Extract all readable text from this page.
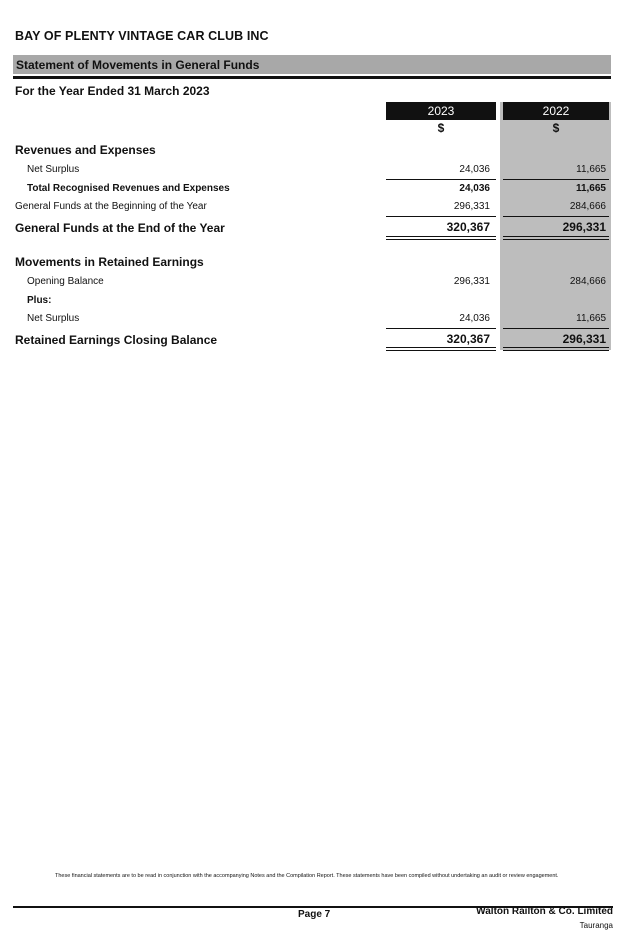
BAY OF PLENTY VINTAGE CAR CLUB INC
Statement of Movements in General Funds
For the Year Ended 31 March 2023
2023	2022
$	$
Revenues and Expenses
Net Surplus	24,036	11,665
Total Recognised Revenues and Expenses	24,036	11,665
General Funds at the Beginning of the Year	296,331	284,666
General Funds at the End of the Year	320,367	296,331
Movements in Retained Earnings
Opening Balance	296,331	284,666
Plus:
Net Surplus	24,036	11,665
Retained Earnings Closing Balance	320,367	296,331
These financial statements are to be read in conjunction with the accompanying Notes and the Compilation Report. These statements have been compiled without undertaking an audit or review engagement.
Page 7	Walton Railton & Co. Limited
Tauranga
